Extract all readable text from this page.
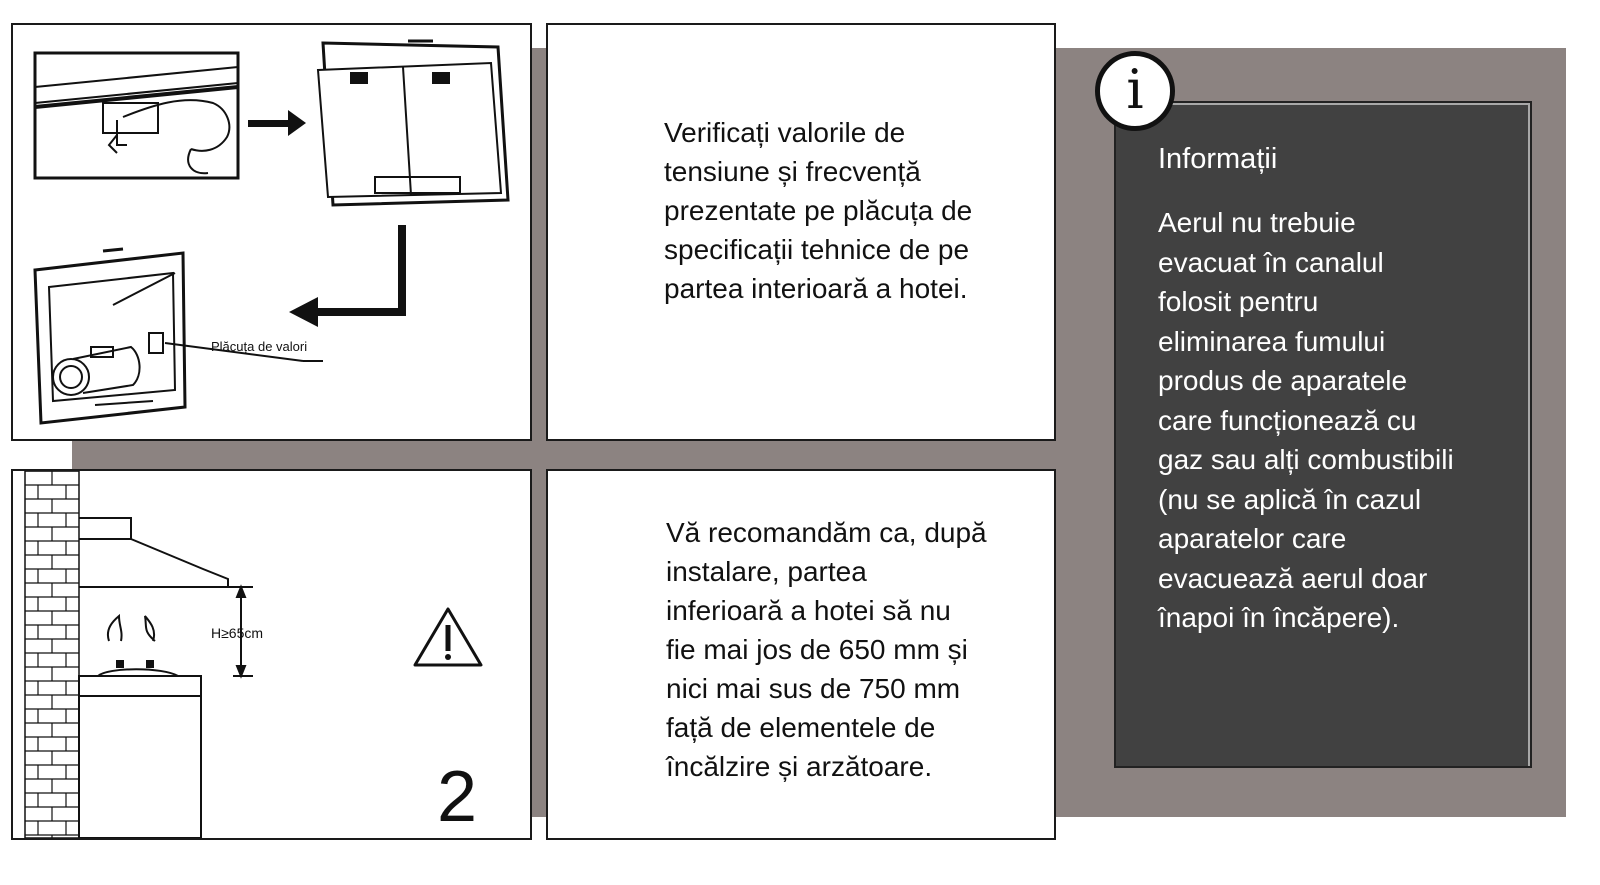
Plăcuța de valori

Verificați valorile de
tensiune și frecvență
prezentate pe plăcuța de
specificații tehnice de pe
partea interioară a hotei.

H≥65cm

2

Vă recomandăm ca, după
instalare, partea
inferioară a hotei să nu
fie mai jos de 650 mm și
nici mai sus de 750 mm
față de elementele de
încălzire și arzătoare.

Informații

Aerul nu trebuie
evacuat în canalul
folosit pentru
eliminarea fumului
produs de aparatele
care funcționează cu
gaz sau alți combustibili
(nu se aplică în cazul
aparatelor care
evacuează aerul doar
înapoi în încăpere).

i
